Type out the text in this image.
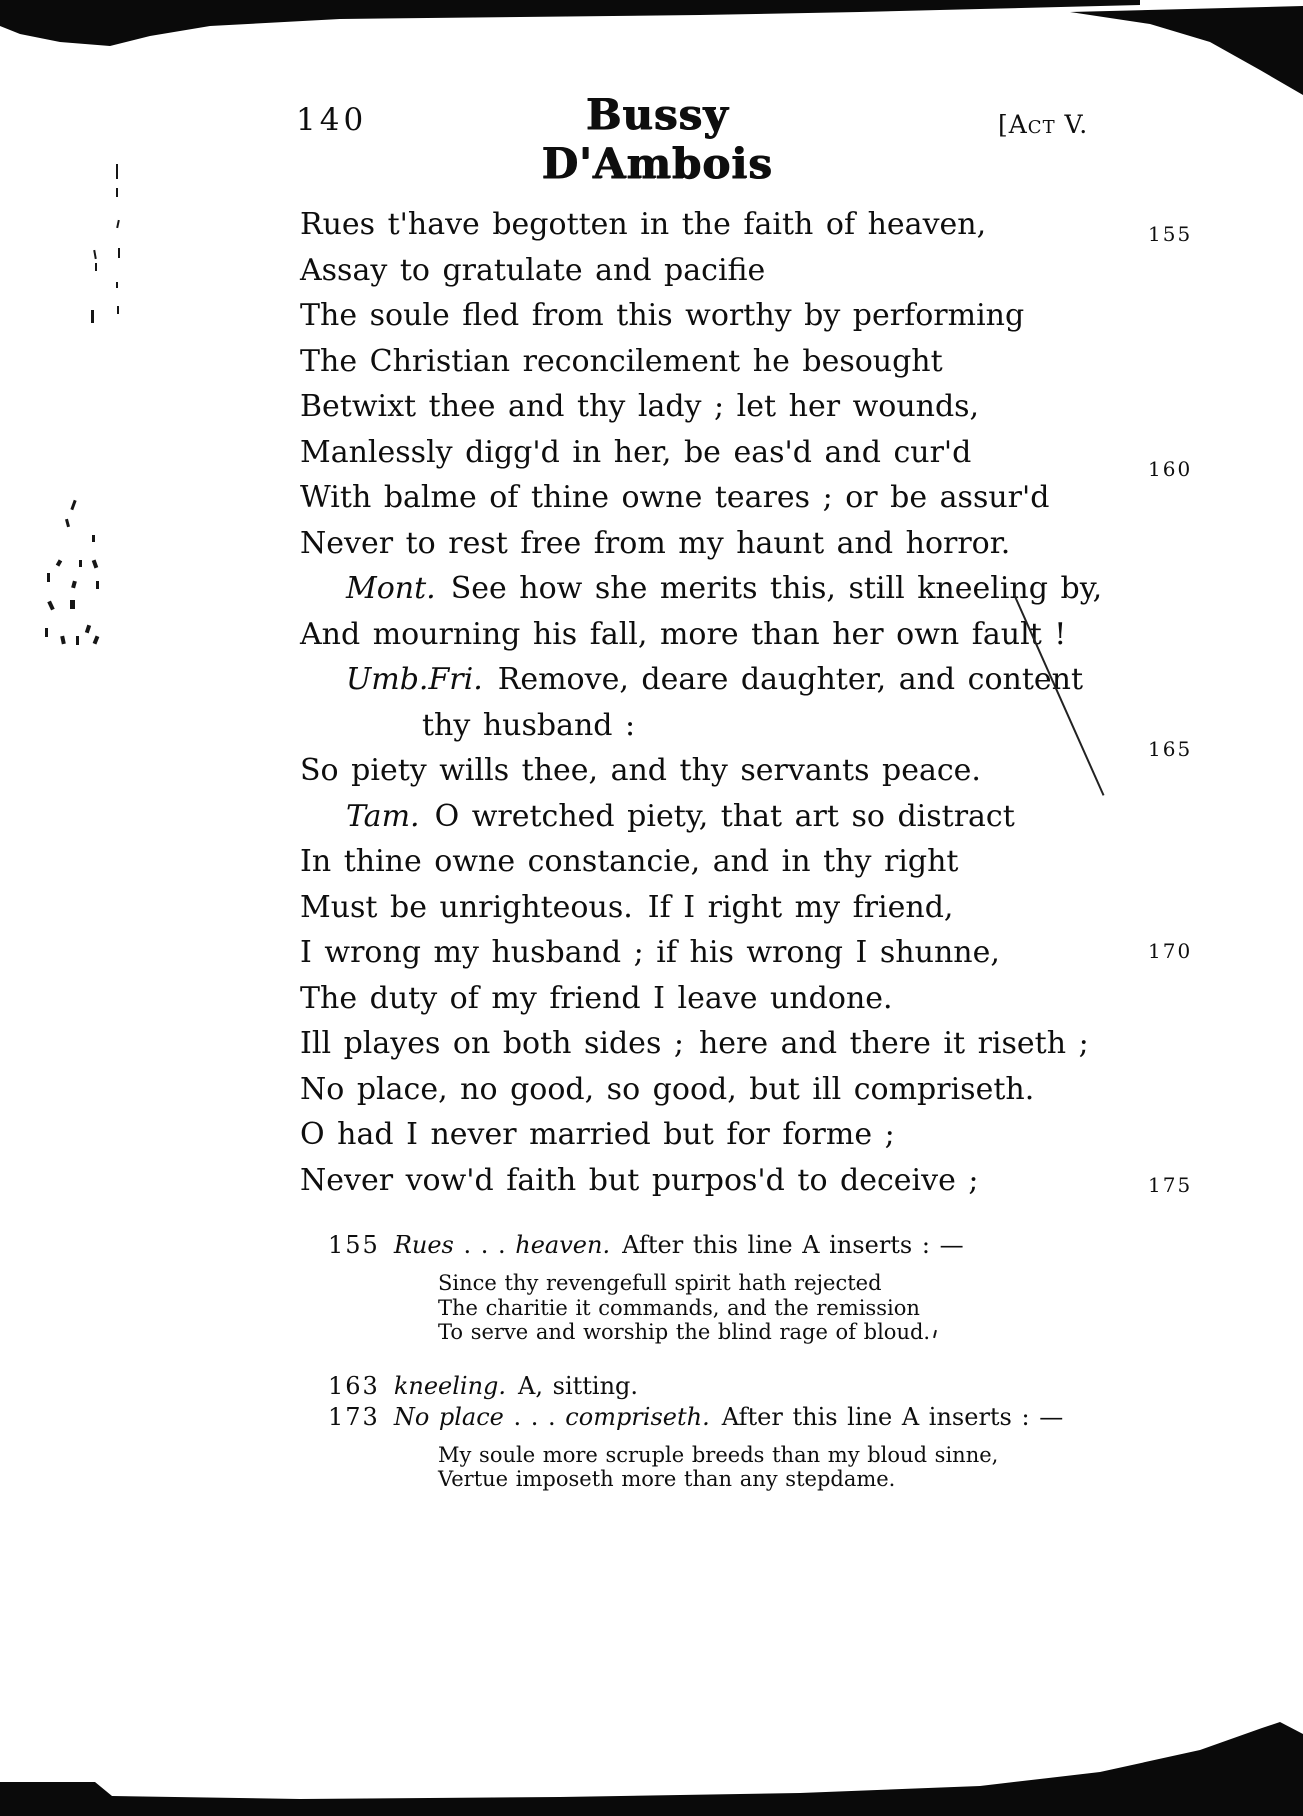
140	Bussy D'Ambois
[Act V.
Rues t'have begotten in the faith of heaven,
Assay to gratulate and pacifie
The soule fled from this worthy by performing
The Christian reconcilement he besought
Betwixt thee and thy lady ; let her wounds,
Manlessly digg'd in her, be eas'd and cur'd
With balme of thine owne teares ; or be assur'd
Never to rest free from my haunt and horror.
Mont. See how she merits this, still kneeling by,
And mourning his fall, more than her own fault !
Umb.Fri. Remove, deare daughter, and content
thy husband :
So piety wills thee, and thy servants peace.
Tam. O wretched piety, that art so distract
In thine owne constancie, and in thy right
Must be unrighteous. If I right my friend,
I wrong my husband ; if his wrong I shunne,
The duty of my friend I leave undone.
Ill playes on both sides ; here and there it riseth ;
No place, no good, so good, but ill compriseth.
O had I never married but for forme ;
Never vow'd faith but purpos'd to deceive ;
155
160
165
170
175
155 Rues . . . heaven. After this line A inserts : —
Since thy revengefull spirit hath rejected
The charitie it commands, and the remission
To serve and worship the blind rage of bloud.
163 kneeling. A, sitting.
173 No place . . . compriseth. After this line A inserts : —
My soule more scruple breeds than my bloud sinne,
Vertue imposeth more than any stepdame.
